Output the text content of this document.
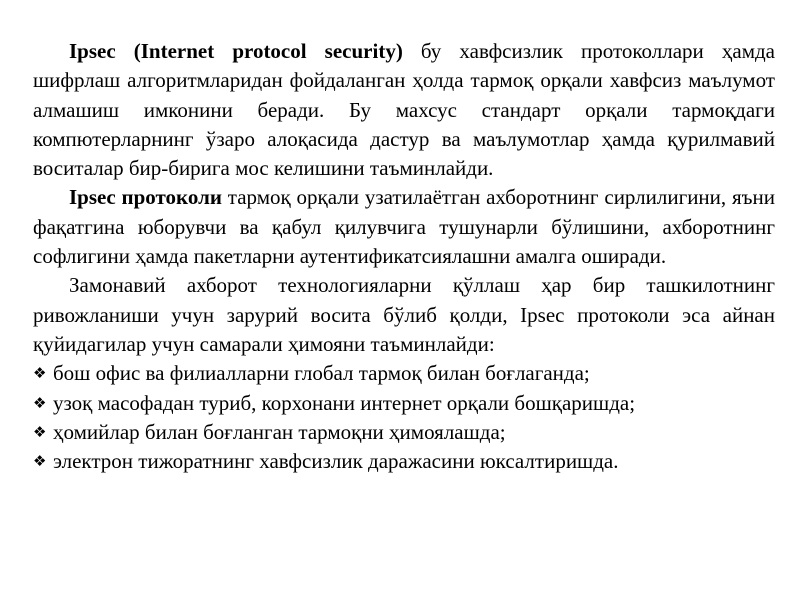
Ipsec (Internet protocol security) бу хавфсизлик протоколлари ҳамда шифрлаш алгоритмларидан фойдаланган ҳолда тармоқ орқали хавфсиз маълумот алмашиш имконини беради. Бу махсус стандарт орқали тармоқдаги компютерларнинг ўзаро алоқасида дастур ва маълумотлар ҳамда қурилмавий воситалар бир-бирига мос келишини таъминлайди.

Ipsec протоколи тармоқ орқали узатилаётган ахборотнинг сирлилигини, яъни фақатгина юборувчи ва қабул қилувчига тушунарли бўлишини, ахборотнинг софлигини ҳамда пакетларни аутентификатсиялашни амалга оширади.

Замонавий ахборот технологияларни қўллаш ҳар бир ташкилотнинг ривожланиши учун зарурий восита бўлиб қолди, Ipsec протоколи эса айнан қуйидагилар учун самарали ҳимояни таъминлайди:

❖ бош офис ва филиалларни глобал тармоқ билан боғлаганда;
❖ узоқ масофадан туриб, корхонани интернет орқали бошқаришда;
❖ ҳомийлар билан боғланган тармоқни ҳимоялашда;
❖ электрон тижоратнинг хавфсизлик даражасини юксалтиришда.
